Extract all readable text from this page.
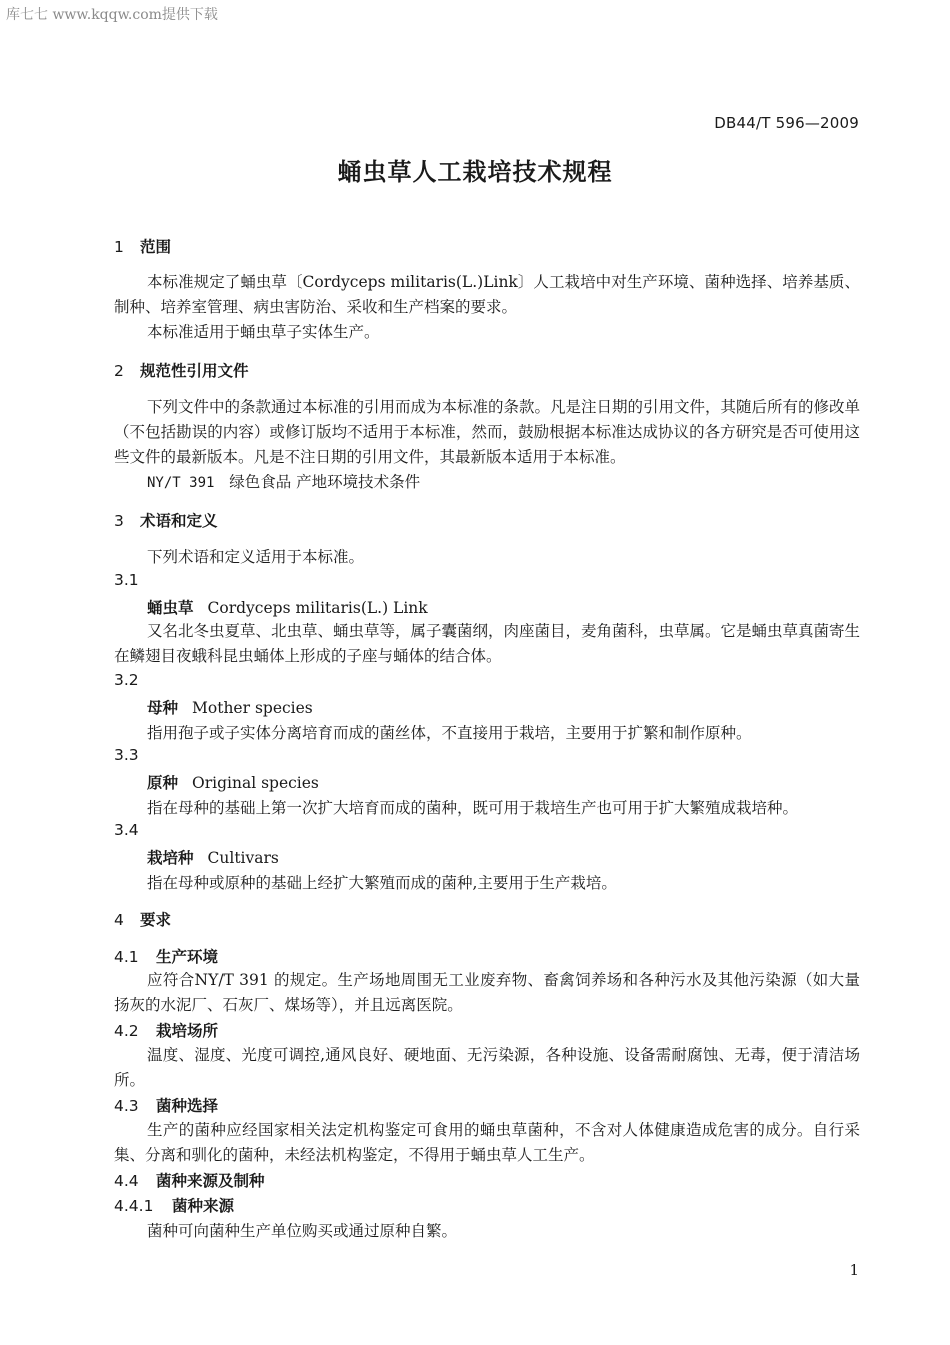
库七七 www.kqqw.com提供下载
DB44/T 596—2009
蛹虫草人工栽培技术规程
1 范围
本标准规定了蛹虫草〔Cordyceps militaris(L.)Link〕人工栽培中对生产环境、菌种选择、培养基质、制种、培养室管理、病虫害防治、采收和生产档案的要求。
本标准适用于蛹虫草子实体生产。
2 规范性引用文件
下列文件中的条款通过本标准的引用而成为本标准的条款。凡是注日期的引用文件，其随后所有的修改单（不包括勘误的内容）或修订版均不适用于本标准，然而，鼓励根据本标准达成协议的各方研究是否可使用这些文件的最新版本。凡是不注日期的引用文件，其最新版本适用于本标准。
NY/T 391 绿色食品 产地环境技术条件
3 术语和定义
下列术语和定义适用于本标准。
3.1
蛹虫草 Cordyceps militaris(L.) Link
又名北冬虫夏草、北虫草、蛹虫草等，属子囊菌纲，肉座菌目，麦角菌科，虫草属。它是蛹虫草真菌寄生在鳞翅目夜蛾科昆虫蛹体上形成的子座与蛹体的结合体。
3.2
母种 Mother species
指用孢子或子实体分离培育而成的菌丝体，不直接用于栽培，主要用于扩繁和制作原种。
3.3
原种 Original species
指在母种的基础上第一次扩大培育而成的菌种，既可用于栽培生产也可用于扩大繁殖成栽培种。
3.4
栽培种 Cultivars
指在母种或原种的基础上经扩大繁殖而成的菌种,主要用于生产栽培。
4 要求
4.1 生产环境
应符合NY/T 391 的规定。生产场地周围无工业废弃物、畜禽饲养场和各种污水及其他污染源（如大量扬灰的水泥厂、石灰厂、煤场等），并且远离医院。
4.2 栽培场所
温度、湿度、光度可调控,通风良好、硬地面、无污染源，各种设施、设备需耐腐蚀、无毒，便于清洁场所。
4.3 菌种选择
生产的菌种应经国家相关法定机构鉴定可食用的蛹虫草菌种，不含对人体健康造成危害的成分。自行采集、分离和驯化的菌种，未经法机构鉴定，不得用于蛹虫草人工生产。
4.4 菌种来源及制种
4.4.1 菌种来源
菌种可向菌种生产单位购买或通过原种自繁。
1
